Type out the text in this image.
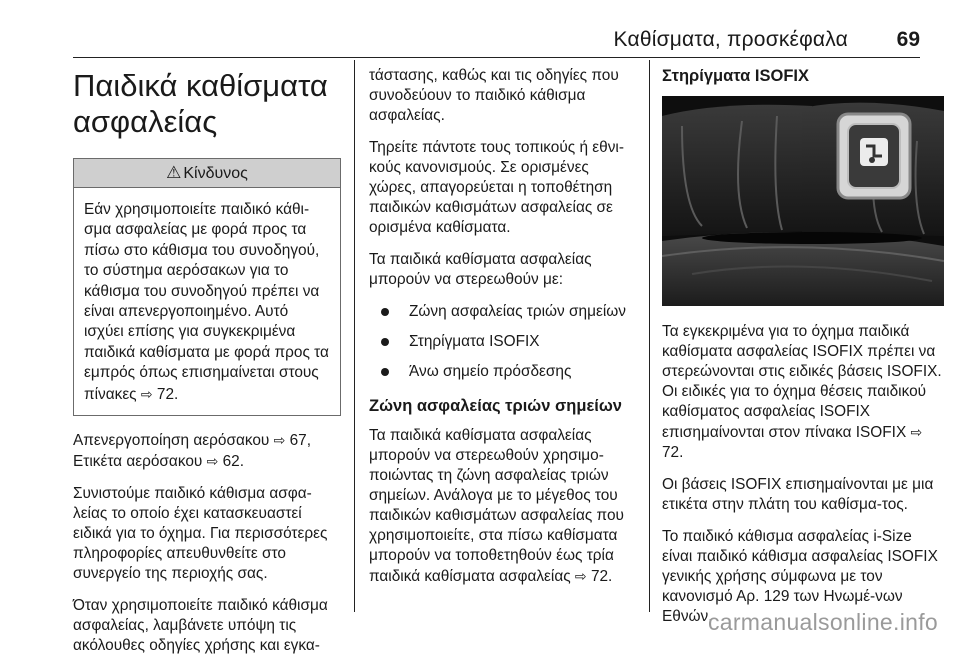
Καθίσματα, προσκέφαλα 69
Παιδικά καθίσματα ασφαλείας
⚠ Κίνδυνος
Εάν χρησιμοποιείτε παιδικό κάθι-σμα ασφαλείας με φορά προς τα πίσω στο κάθισμα του συνοδηγού, το σύστημα αερόσακων για το κάθισμα του συνοδηγού πρέπει να είναι απενεργοποιημένο. Αυτό ισχύει επίσης για συγκεκριμένα παιδικά καθίσματα με φορά προς τα εμπρός όπως επισημαίνεται στους πίνακες ⇨ 72.

Απενεργοποίηση αερόσακου ⇨ 67,
Ετικέτα αερόσακου ⇨ 62.

Συνιστούμε παιδικό κάθισμα ασφα-λείας το οποίο έχει κατασκευαστεί ειδικά για το όχημα. Για περισσότερες πληροφορίες απευθυνθείτε στο συνεργείο της περιοχής σας.

Όταν χρησιμοποιείτε παιδικό κάθισμα ασφαλείας, λαμβάνετε υπόψη τις ακόλουθες οδηγίες χρήσης και εγκα-

τάστασης, καθώς και τις οδηγίες που συνοδεύουν το παιδικό κάθισμα ασφαλείας.

Τηρείτε πάντοτε τους τοπικούς ή εθνι-κούς κανονισμούς. Σε ορισμένες χώρες, απαγορεύεται η τοποθέτηση παιδικών καθισμάτων ασφαλείας σε ορισμένα καθίσματα.

Τα παιδικά καθίσματα ασφαλείας μπορούν να στερεωθούν με:

Ζώνη ασφαλείας τριών σημείων
Στηρίγματα ISOFIX
Άνω σημείο πρόσδεσης
Ζώνη ασφαλείας τριών σημείων

Τα παιδικά καθίσματα ασφαλείας μπορούν να στερεωθούν χρησιμο-ποιώντας τη ζώνη ασφαλείας τριών σημείων. Ανάλογα με το μέγεθος του παιδικών καθισμάτων ασφαλείας που χρησιμοποιείτε, στα πίσω καθίσματα μπορούν να τοποθετηθούν έως τρία παιδικά καθίσματα ασφαλείας ⇨ 72.

Στηρίγματα ISOFIX

Τα εγκεκριμένα για το όχημα παιδικά καθίσματα ασφαλείας ISOFIX πρέπει να στερεώνονται στις ειδικές βάσεις ISOFIX. Οι ειδικές για το όχημα θέσεις παιδικού καθίσματος ασφαλείας ISOFIX επισημαίνονται στον πίνακα ISOFIX ⇨ 72.

Οι βάσεις ISOFIX επισημαίνονται με μια ετικέτα στην πλάτη του καθίσμα-τος.

Το παιδικό κάθισμα ασφαλείας i-Size είναι παιδικό κάθισμα ασφαλείας ISOFIX γενικής χρήσης σύμφωνα με τον κανονισμό Αρ. 129 των Ηνωμέ-νων Εθνών.

carmanualsonline.info
